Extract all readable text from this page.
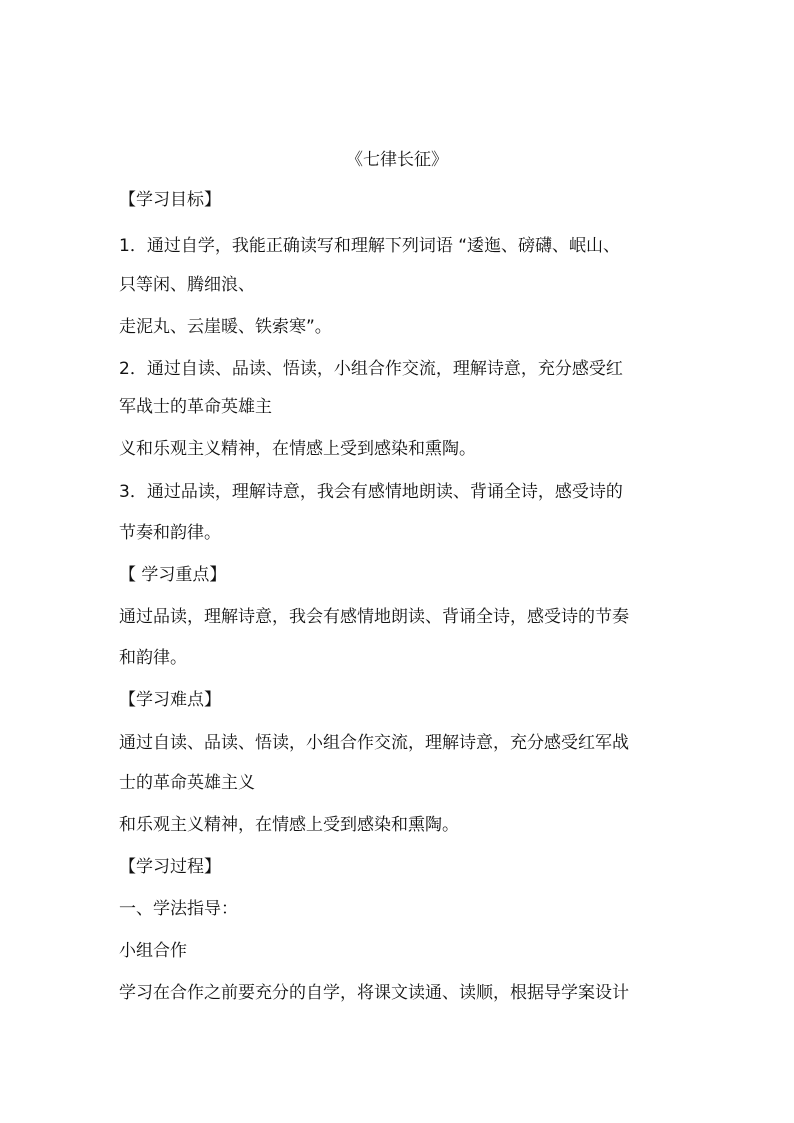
《七律长征》
【学习目标】
1．通过自学，我能正确读写和理解下列词语 “逶迤、磅礴、岷山、
只等闲、腾细浪、
走泥丸、云崖暖、铁索寒”。
2．通过自读、品读、悟读，小组合作交流，理解诗意，充分感受红
军战士的革命英雄主
义和乐观主义精神，在情感上受到感染和熏陶。
3．通过品读，理解诗意，我会有感情地朗读、背诵全诗，感受诗的
节奏和韵律。
【 学习重点】
通过品读，理解诗意，我会有感情地朗读、背诵全诗，感受诗的节奏
和韵律。
【学习难点】
通过自读、品读、悟读，小组合作交流，理解诗意，充分感受红军战
士的革命英雄主义
和乐观主义精神，在情感上受到感染和熏陶。
【学习过程】
一、学法指导：
小组合作
学习在合作之前要充分的自学，将课文读通、读顺，根据导学案设计
